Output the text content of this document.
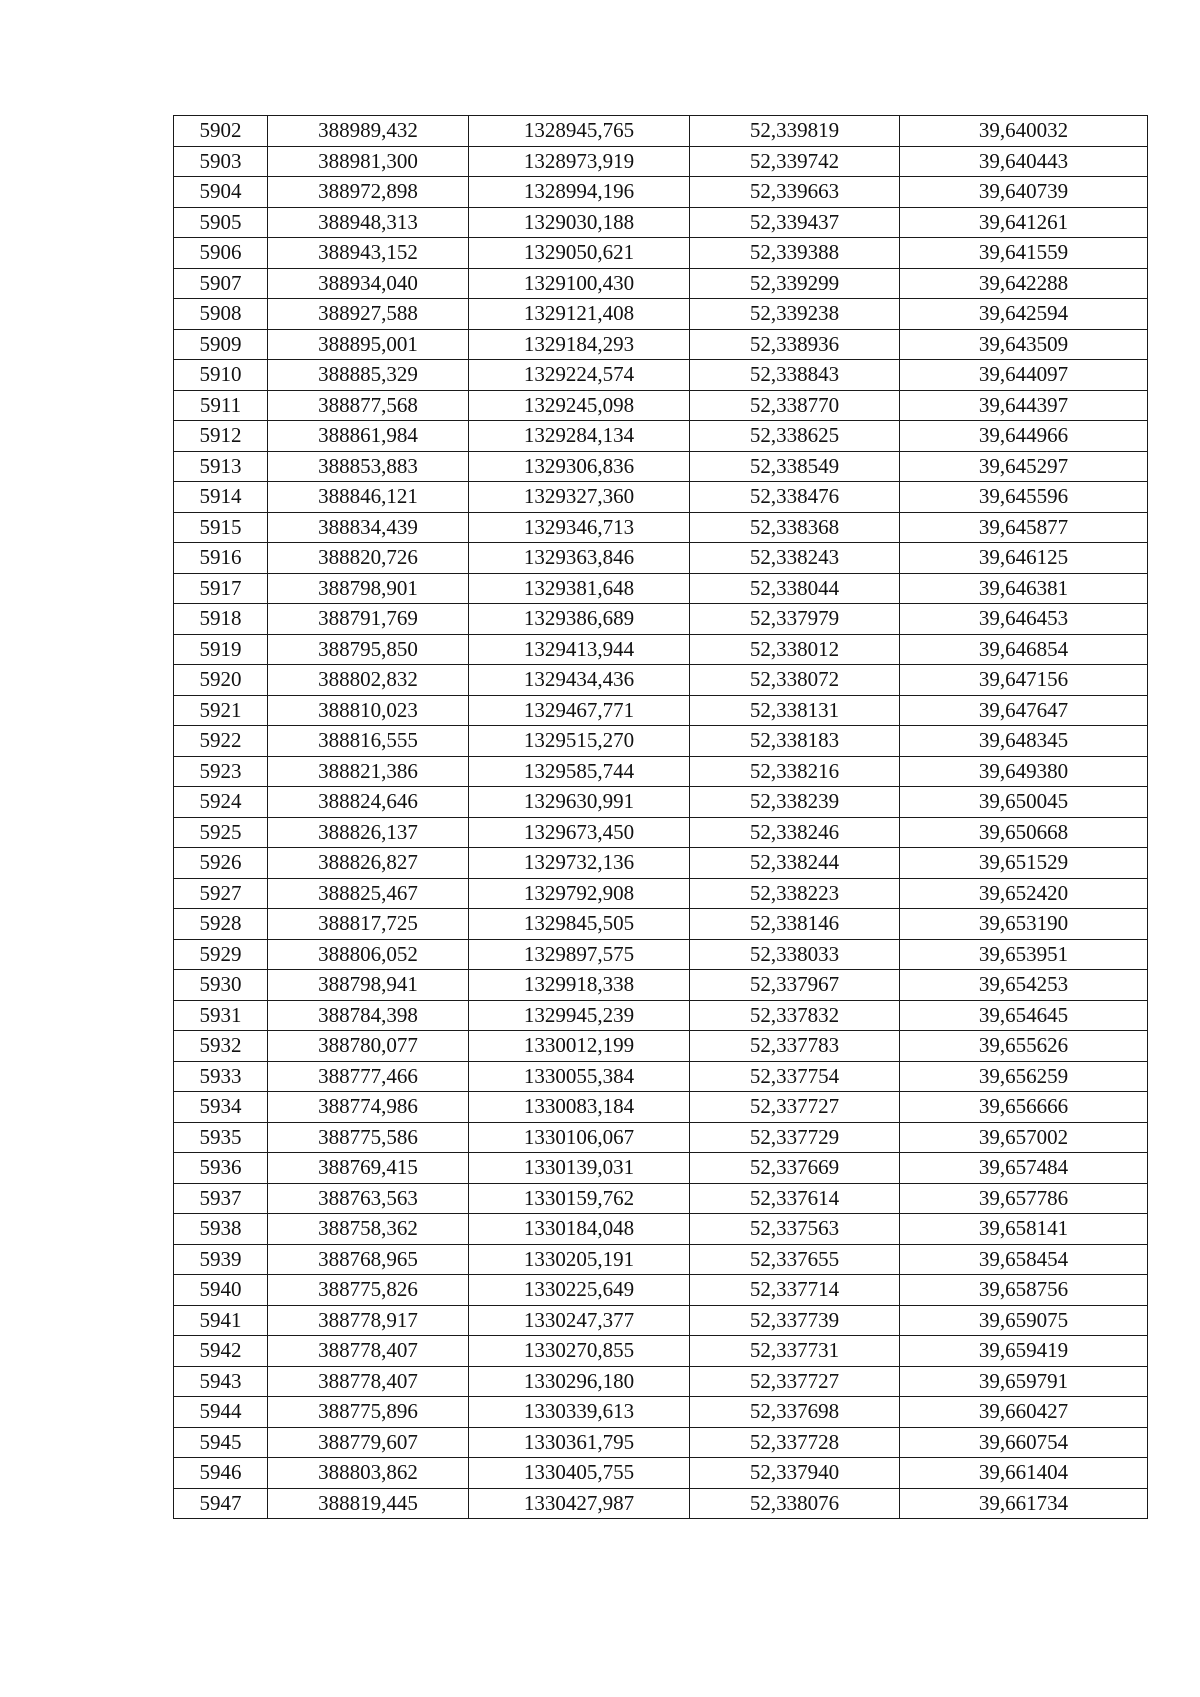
5902	388989,432	1328945,765	52,339819	39,640032
5903	388981,300	1328973,919	52,339742	39,640443
5904	388972,898	1328994,196	52,339663	39,640739
5905	388948,313	1329030,188	52,339437	39,641261
5906	388943,152	1329050,621	52,339388	39,641559
5907	388934,040	1329100,430	52,339299	39,642288
5908	388927,588	1329121,408	52,339238	39,642594
5909	388895,001	1329184,293	52,338936	39,643509
5910	388885,329	1329224,574	52,338843	39,644097
5911	388877,568	1329245,098	52,338770	39,644397
5912	388861,984	1329284,134	52,338625	39,644966
5913	388853,883	1329306,836	52,338549	39,645297
5914	388846,121	1329327,360	52,338476	39,645596
5915	388834,439	1329346,713	52,338368	39,645877
5916	388820,726	1329363,846	52,338243	39,646125
5917	388798,901	1329381,648	52,338044	39,646381
5918	388791,769	1329386,689	52,337979	39,646453
5919	388795,850	1329413,944	52,338012	39,646854
5920	388802,832	1329434,436	52,338072	39,647156
5921	388810,023	1329467,771	52,338131	39,647647
5922	388816,555	1329515,270	52,338183	39,648345
5923	388821,386	1329585,744	52,338216	39,649380
5924	388824,646	1329630,991	52,338239	39,650045
5925	388826,137	1329673,450	52,338246	39,650668
5926	388826,827	1329732,136	52,338244	39,651529
5927	388825,467	1329792,908	52,338223	39,652420
5928	388817,725	1329845,505	52,338146	39,653190
5929	388806,052	1329897,575	52,338033	39,653951
5930	388798,941	1329918,338	52,337967	39,654253
5931	388784,398	1329945,239	52,337832	39,654645
5932	388780,077	1330012,199	52,337783	39,655626
5933	388777,466	1330055,384	52,337754	39,656259
5934	388774,986	1330083,184	52,337727	39,656666
5935	388775,586	1330106,067	52,337729	39,657002
5936	388769,415	1330139,031	52,337669	39,657484
5937	388763,563	1330159,762	52,337614	39,657786
5938	388758,362	1330184,048	52,337563	39,658141
5939	388768,965	1330205,191	52,337655	39,658454
5940	388775,826	1330225,649	52,337714	39,658756
5941	388778,917	1330247,377	52,337739	39,659075
5942	388778,407	1330270,855	52,337731	39,659419
5943	388778,407	1330296,180	52,337727	39,659791
5944	388775,896	1330339,613	52,337698	39,660427
5945	388779,607	1330361,795	52,337728	39,660754
5946	388803,862	1330405,755	52,337940	39,661404
5947	388819,445	1330427,987	52,338076	39,661734
